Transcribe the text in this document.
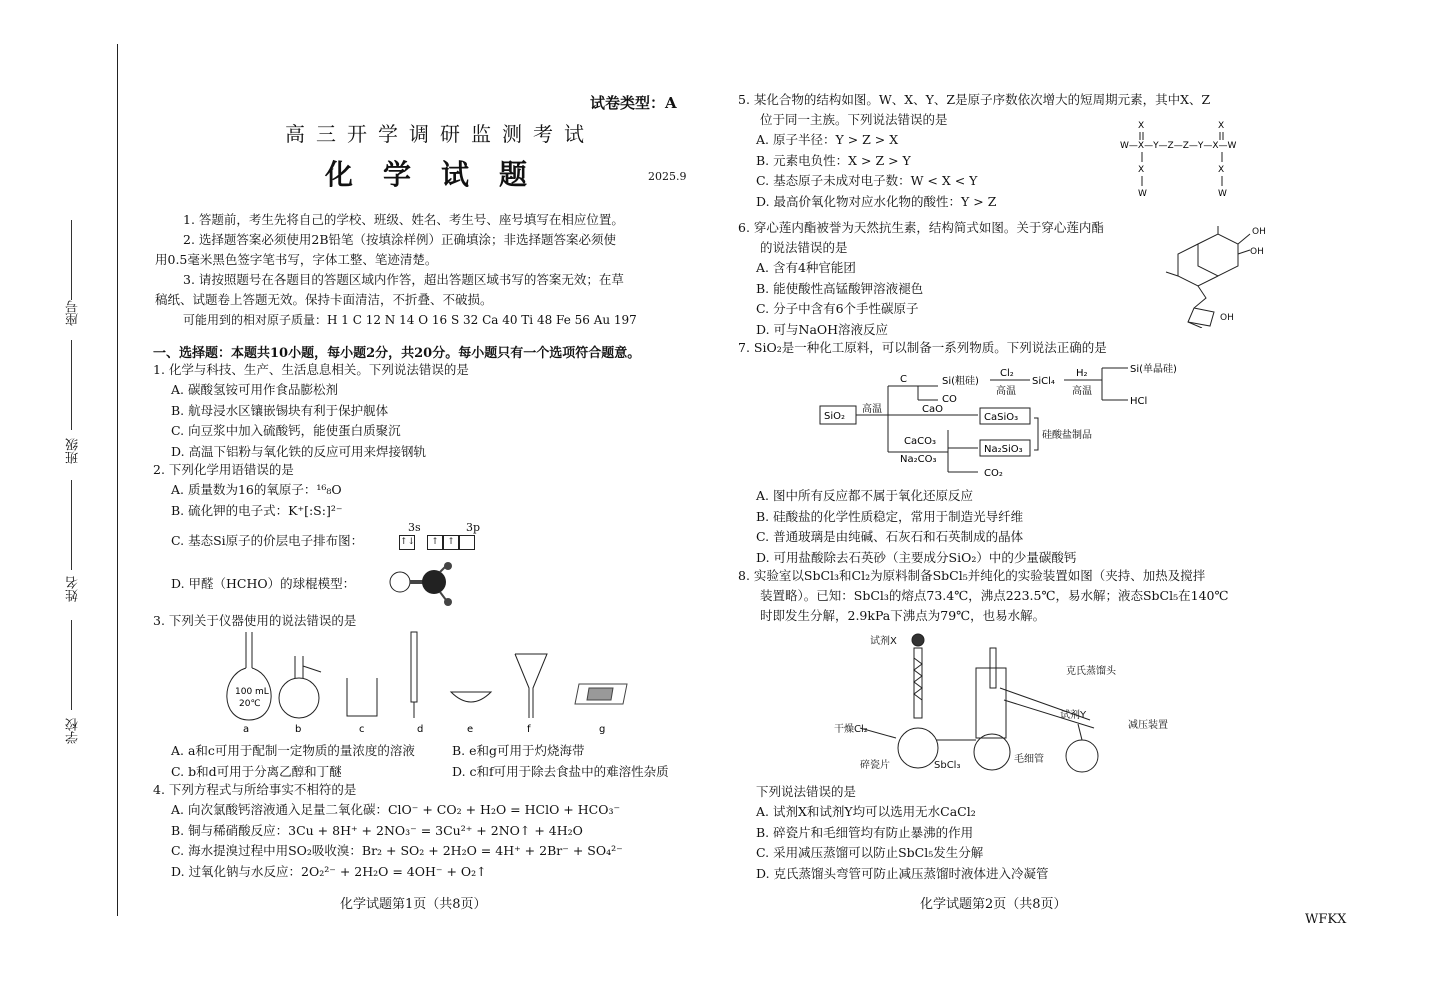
座号
班级
姓名
学校
试卷类型：A
高三开学调研监测考试
化学试题	2025.9
1. 答题前，考生先将自己的学校、班级、姓名、考生号、座号填写在相应位置。
2. 选择题答案必须使用2B铅笔（按填涂样例）正确填涂；非选择题答案必须使
用0.5毫米黑色签字笔书写，字体工整、笔迹清楚。
3. 请按照题号在各题目的答题区域内作答，超出答题区域书写的答案无效；在草
稿纸、试题卷上答题无效。保持卡面清洁，不折叠、不破损。
可能用到的相对原子质量：H 1 C 12 N 14 O 16 S 32 Ca 40 Ti 48 Fe 56 Au 197
一、选择题：本题共10小题，每小题2分，共20分。每小题只有一个选项符合题意。
1. 化学与科技、生产、生活息息相关。下列说法错误的是
A. 碳酸氢铵可用作食品膨松剂
B. 航母浸水区镶嵌锡块有利于保护舰体
C. 向豆浆中加入硫酸钙，能使蛋白质聚沉
D. 高温下铝粉与氧化铁的反应可用来焊接钢轨
2. 下列化学用语错误的是
A. 质量数为16的氧原子：¹⁶₈O
B. 硫化钾的电子式：K⁺[:S:]²⁻
C. 基态Si原子的价层电子排布图：
3s	3p
↑↓ ↑ ↑
D. 甲醛（HCHO）的球棍模型：
3. 下列关于仪器使用的说法错误的是
100 mL
20℃
a	b	c	d	e	f	g
A. a和c可用于配制一定物质的量浓度的溶液	B. e和g可用于灼烧海带
C. b和d可用于分离乙醇和丁醚	D. c和f可用于除去食盐中的难溶性杂质
4. 下列方程式与所给事实不相符的是
A. 向次氯酸钙溶液通入足量二氧化碳：ClO⁻ + CO₂ + H₂O = HClO + HCO₃⁻
B. 铜与稀硝酸反应：3Cu + 8H⁺ + 2NO₃⁻ = 3Cu²⁺ + 2NO↑ + 4H₂O
C. 海水提溴过程中用SO₂吸收溴：Br₂ + SO₂ + 2H₂O = 4H⁺ + 2Br⁻ + SO₄²⁻
D. 过氧化钠与水反应：2O₂²⁻ + 2H₂O = 4OH⁻ + O₂↑
化学试题第1页（共8页）
5. 某化合物的结构如图。W、X、Y、Z是原子序数依次增大的短周期元素，其中X、Z
位于同一主族。下列说法错误的是
A. 原子半径：Y > Z > X
B. 元素电负性：X > Z > Y
C. 基态原子未成对电子数：W < X < Y
D. 最高价氧化物对应水化物的酸性：Y > Z
X	X
W—X—Y—Z—Z—Y—X—W
X	X
W	W
6. 穿心莲内酯被誉为天然抗生素，结构简式如图。关于穿心莲内酯
的说法错误的是
A. 含有4种官能团
B. 能使酸性高锰酸钾溶液褪色
C. 分子中含有6个手性碳原子
D. 可与NaOH溶液反应
OH
OH
OH
7. SiO₂是一种化工原料，可以制备一系列物质。下列说法正确的是
SiO₂
高温
C	Si(粗硅)
CO
Cl₂
高温
SiCl₄
H₂
高温
Si(单晶硅)
HCl
CaO
CaSiO₃
CaCO₃
Na₂CO₃
Na₂SiO₃
CO₂
硅酸盐制品
A. 图中所有反应都不属于氧化还原反应
B. 硅酸盐的化学性质稳定，常用于制造光导纤维
C. 普通玻璃是由纯碱、石灰石和石英制成的晶体
D. 可用盐酸除去石英砂（主要成分SiO₂）中的少量碳酸钙
8. 实验室以SbCl₃和Cl₂为原料制备SbCl₅并纯化的实验装置如图（夹持、加热及搅拌
装置略）。已知：SbCl₃的熔点73.4℃，沸点223.5℃，易水解；液态SbCl₅在140℃
时即发生分解，2.9kPa下沸点为79℃，也易水解。
试剂X
克氏蒸馏头
试剂Y
减压装置
干燥Cl₂
碎瓷片	SbCl₃
毛细管
下列说法错误的是
A. 试剂X和试剂Y均可以选用无水CaCl₂
B. 碎瓷片和毛细管均有防止暴沸的作用
C. 采用减压蒸馏可以防止SbCl₅发生分解
D. 克氏蒸馏头弯管可防止减压蒸馏时液体进入冷凝管
化学试题第2页（共8页）
WFKX
